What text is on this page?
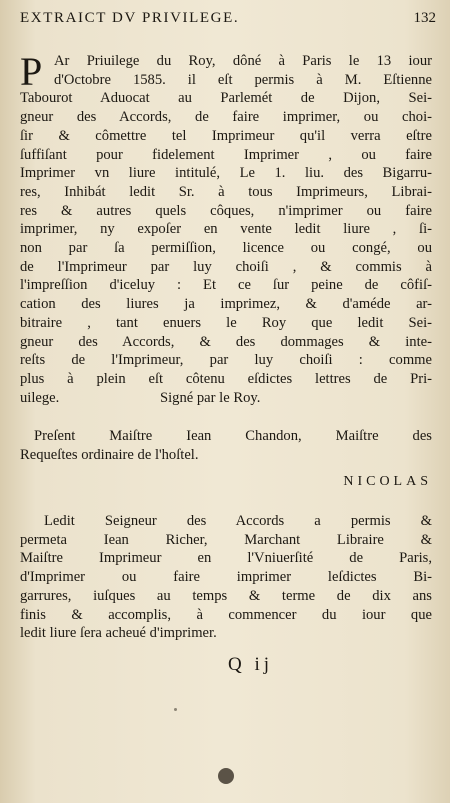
EXTRAICT DV PRIVILEGE.	132
P Ar Priuilege du Roy, dôné à Paris le 13 iour
d'Octobre 1585. il eſt permis à M. Eſtienne
Tabourot Aduocat au Parlemét de Dijon, Sei-
gneur des Accords, de faire imprimer, ou choi-
ſir & cômettre tel Imprimeur qu'il verra eſtre
ſuffiſant pour fidelement Imprimer , ou faire
Imprimer vn liure intitulé, Le 1. liu. des Bigarru-
res, Inhibát ledit Sr. à tous Imprimeurs, Librai-
res & autres quels côques, n'imprimer ou faire
imprimer, ny expoſer en vente ledit liure , ſi-
non par ſa permiſſion, licence ou congé, ou
de l'Imprimeur par luy choiſi , & commis à
l'impreſſion d'iceluy : Et ce ſur peine de côfiſ-
cation des liures ja imprimez, & d'améde ar-
bitraire , tant enuers le Roy que ledit Sei-
gneur des Accords, & des dommages & inte-
reſts de l'Imprimeur, par luy choiſi : comme
plus à plein eſt côtenu eſdictes lettres de Pri-
uilege.	Signé par le Roy.
Preſent Maiſtre Iean Chandon, Maiſtre des
Requeſtes ordinaire de l'hoſtel.
NICOLAS
Ledit Seigneur des Accords a permis &
permeta Iean Richer, Marchant Libraire &
Maiſtre Imprimeur en l'Vniuerſité de Paris,
d'Imprimer ou faire imprimer leſdictes Bi-
garrures, iuſques au temps & terme de dix ans
finis & accomplis, à commencer du iour que
ledit liure ſera acheué d'imprimer.
Q ij
